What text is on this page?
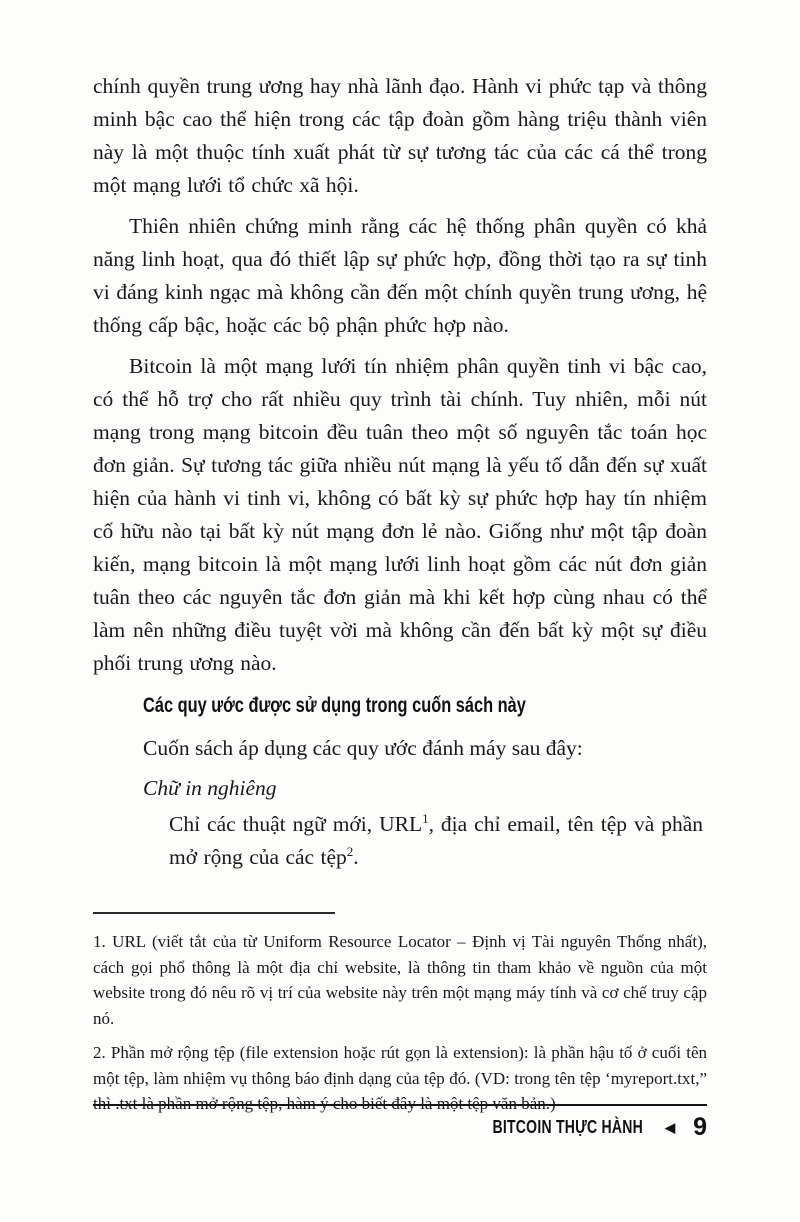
chính quyền trung ương hay nhà lãnh đạo. Hành vi phức tạp và thông minh bậc cao thể hiện trong các tập đoàn gồm hàng triệu thành viên này là một thuộc tính xuất phát từ sự tương tác của các cá thể trong một mạng lưới tổ chức xã hội.

Thiên nhiên chứng minh rằng các hệ thống phân quyền có khả năng linh hoạt, qua đó thiết lập sự phức hợp, đồng thời tạo ra sự tinh vi đáng kinh ngạc mà không cần đến một chính quyền trung ương, hệ thống cấp bậc, hoặc các bộ phận phức hợp nào.

Bitcoin là một mạng lưới tín nhiệm phân quyền tinh vi bậc cao, có thể hỗ trợ cho rất nhiều quy trình tài chính. Tuy nhiên, mỗi nút mạng trong mạng bitcoin đều tuân theo một số nguyên tắc toán học đơn giản. Sự tương tác giữa nhiều nút mạng là yếu tố dẫn đến sự xuất hiện của hành vi tinh vi, không có bất kỳ sự phức hợp hay tín nhiệm cố hữu nào tại bất kỳ nút mạng đơn lẻ nào. Giống như một tập đoàn kiến, mạng bitcoin là một mạng lưới linh hoạt gồm các nút đơn giản tuân theo các nguyên tắc đơn giản mà khi kết hợp cùng nhau có thể làm nên những điều tuyệt vời mà không cần đến bất kỳ một sự điều phối trung ương nào.

Các quy ước được sử dụng trong cuốn sách này

Cuốn sách áp dụng các quy ước đánh máy sau đây:

Chữ in nghiêng

Chỉ các thuật ngữ mới, URL$^1$, địa chỉ email, tên tệp và phần mở rộng của các tệp$^2$.

1. URL (viết tắt của từ Uniform Resource Locator – Định vị Tài nguyên Thống nhất), cách gọi phổ thông là một địa chỉ website, là thông tin tham khảo về nguồn của một website trong đó nêu rõ vị trí của website này trên một mạng máy tính và cơ chế truy cập nó.

2. Phần mở rộng tệp (file extension hoặc rút gọn là extension): là phần hậu tố ở cuối tên một tệp, làm nhiệm vụ thông báo định dạng của tệp đó. (VD: trong tên tệp ‘myreport.txt,” thì .txt là phần mở rộng tệp, hàm ý cho biết đây là một tệp văn bản.)

BITCOIN THỰC HÀNH ◀ 9
